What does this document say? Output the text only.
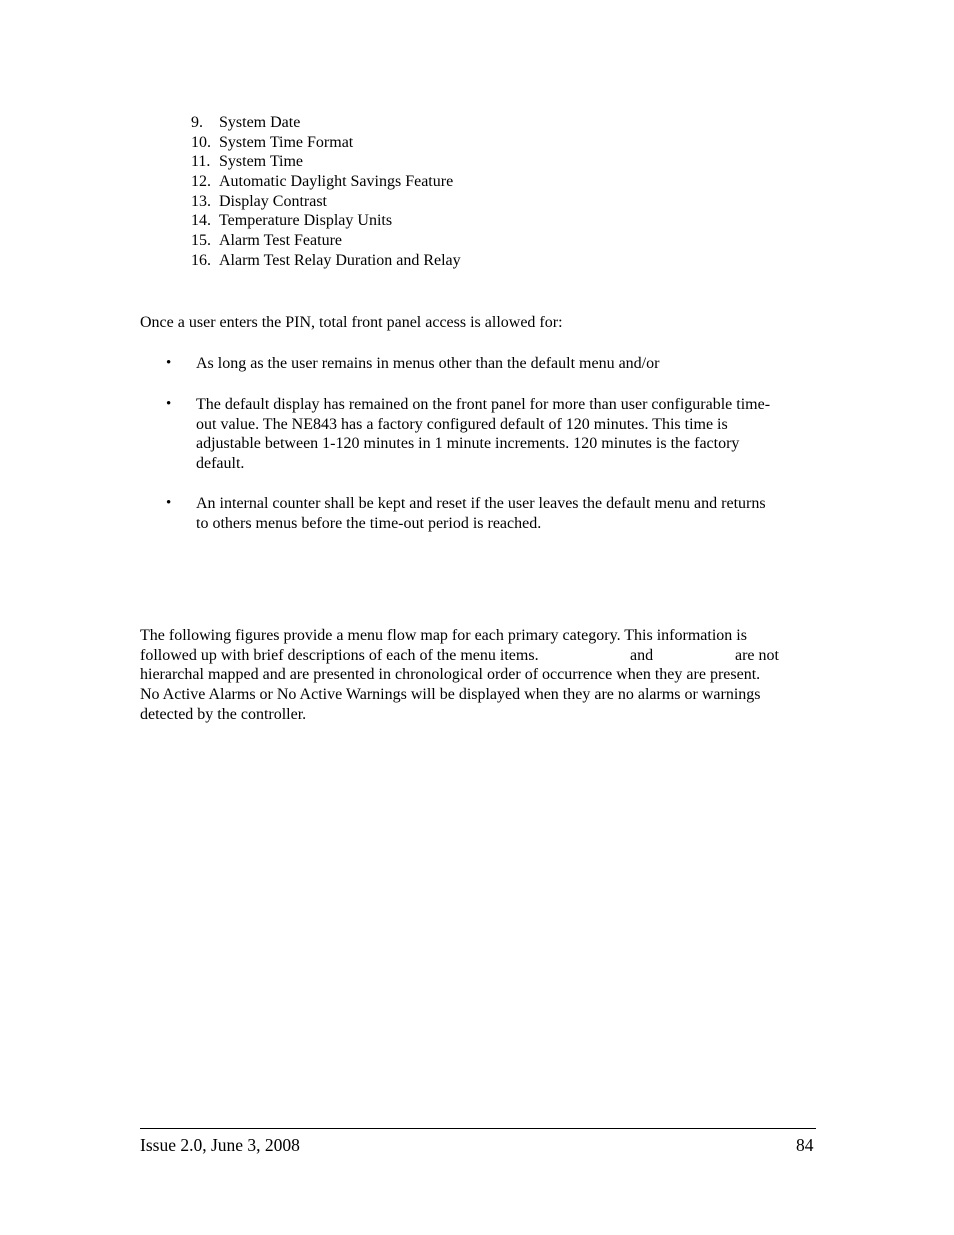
9. System Date
10. System Time Format
11. System Time
12. Automatic Daylight Savings Feature
13. Display Contrast
14. Temperature Display Units
15. Alarm Test Feature
16. Alarm Test Relay Duration and Relay
Once a user enters the PIN, total front panel access is allowed for:
• As long as the user remains in menus other than the default menu and/or
• The default display has remained on the front panel for more than user configurable time-
out value. The NE843 has a factory configured default of 120 minutes. This time is
adjustable between 1-120 minutes in 1 minute increments. 120 minutes is the factory
default.
• An internal counter shall be kept and reset if the user leaves the default menu and returns
to others menus before the time-out period is reached.
The following figures provide a menu flow map for each primary category. This information is
followed up with brief descriptions of each of the menu items.	and	are not
hierarchal mapped and are presented in chronological order of occurrence when they are present.
No Active Alarms or No Active Warnings will be displayed when they are no alarms or warnings
detected by the controller.
Issue 2.0, June 3, 2008	84
